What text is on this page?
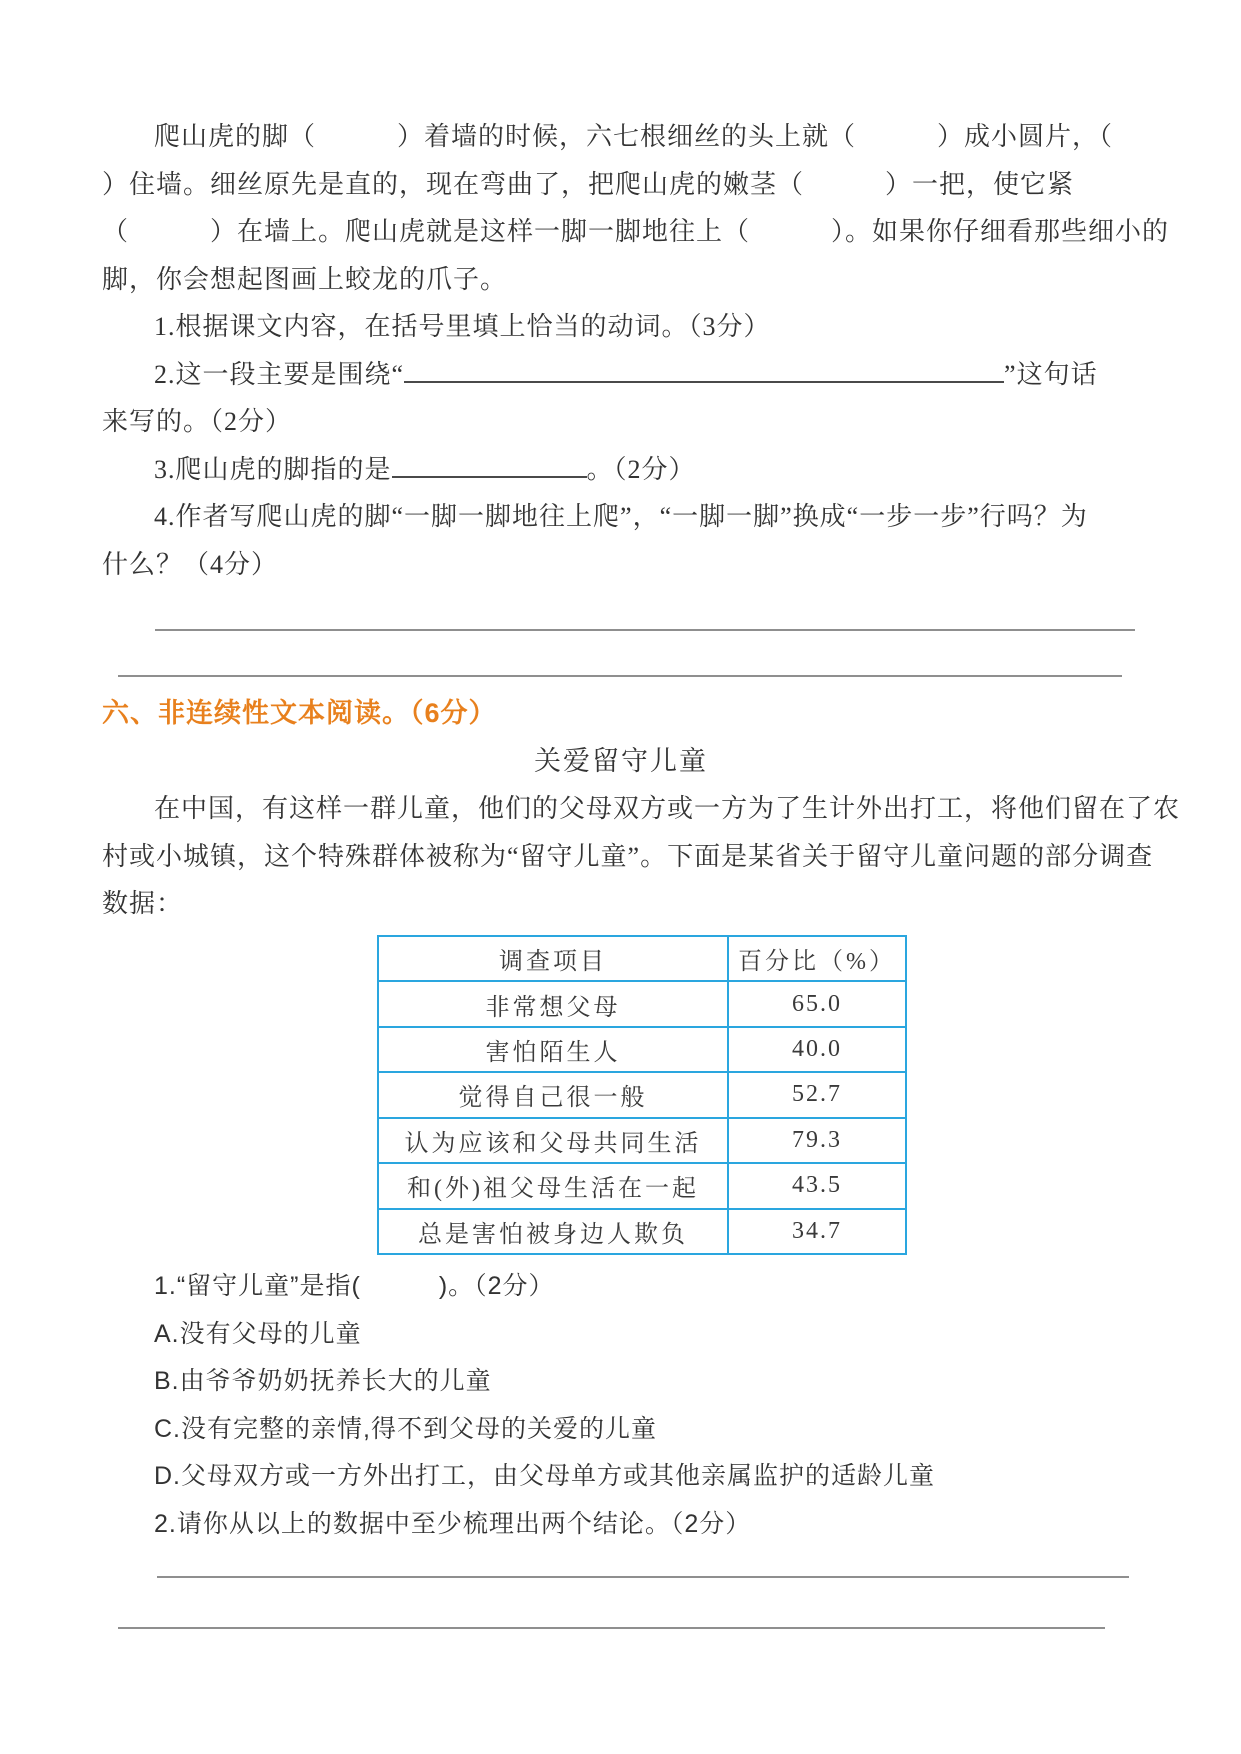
爬山虎的脚（　　　）着墙的时候，六七根细丝的头上就（　　　）成小圆片，（
）住墙。细丝原先是直的，现在弯曲了，把爬山虎的嫩茎（　　　）一把，使它紧
（　　　）在墙上。爬山虎就是这样一脚一脚地往上（　　　）。如果你仔细看那些细小的
脚，你会想起图画上蛟龙的爪子。
1.根据课文内容，在括号里填上恰当的动词。（3分）
2.这一段主要是围绕“	”这句话
来写的。（2分）
3.爬山虎的脚指的是	。（2分）
4.作者写爬山虎的脚“一脚一脚地往上爬”，“一脚一脚”换成“一步一步”行吗？为
什么？（4分）
六、非连续性文本阅读。（6分）
关爱留守儿童
在中国，有这样一群儿童，他们的父母双方或一方为了生计外出打工，将他们留在了农
村或小城镇，这个特殊群体被称为“留守儿童”。下面是某省关于留守儿童问题的部分调查
数据：
调查项目	百分比（%）
非常想父母	65.0
害怕陌生人	40.0
觉得自己很一般	52.7
认为应该和父母共同生活	79.3
和(外)祖父母生活在一起	43.5
总是害怕被身边人欺负	34.7
1.“留守儿童”是指(　　　)。（2分）
A.没有父母的儿童
B.由爷爷奶奶抚养长大的儿童
C.没有完整的亲情,得不到父母的关爱的儿童
D.父母双方或一方外出打工，由父母单方或其他亲属监护的适龄儿童
2.请你从以上的数据中至少梳理出两个结论。（2分）
